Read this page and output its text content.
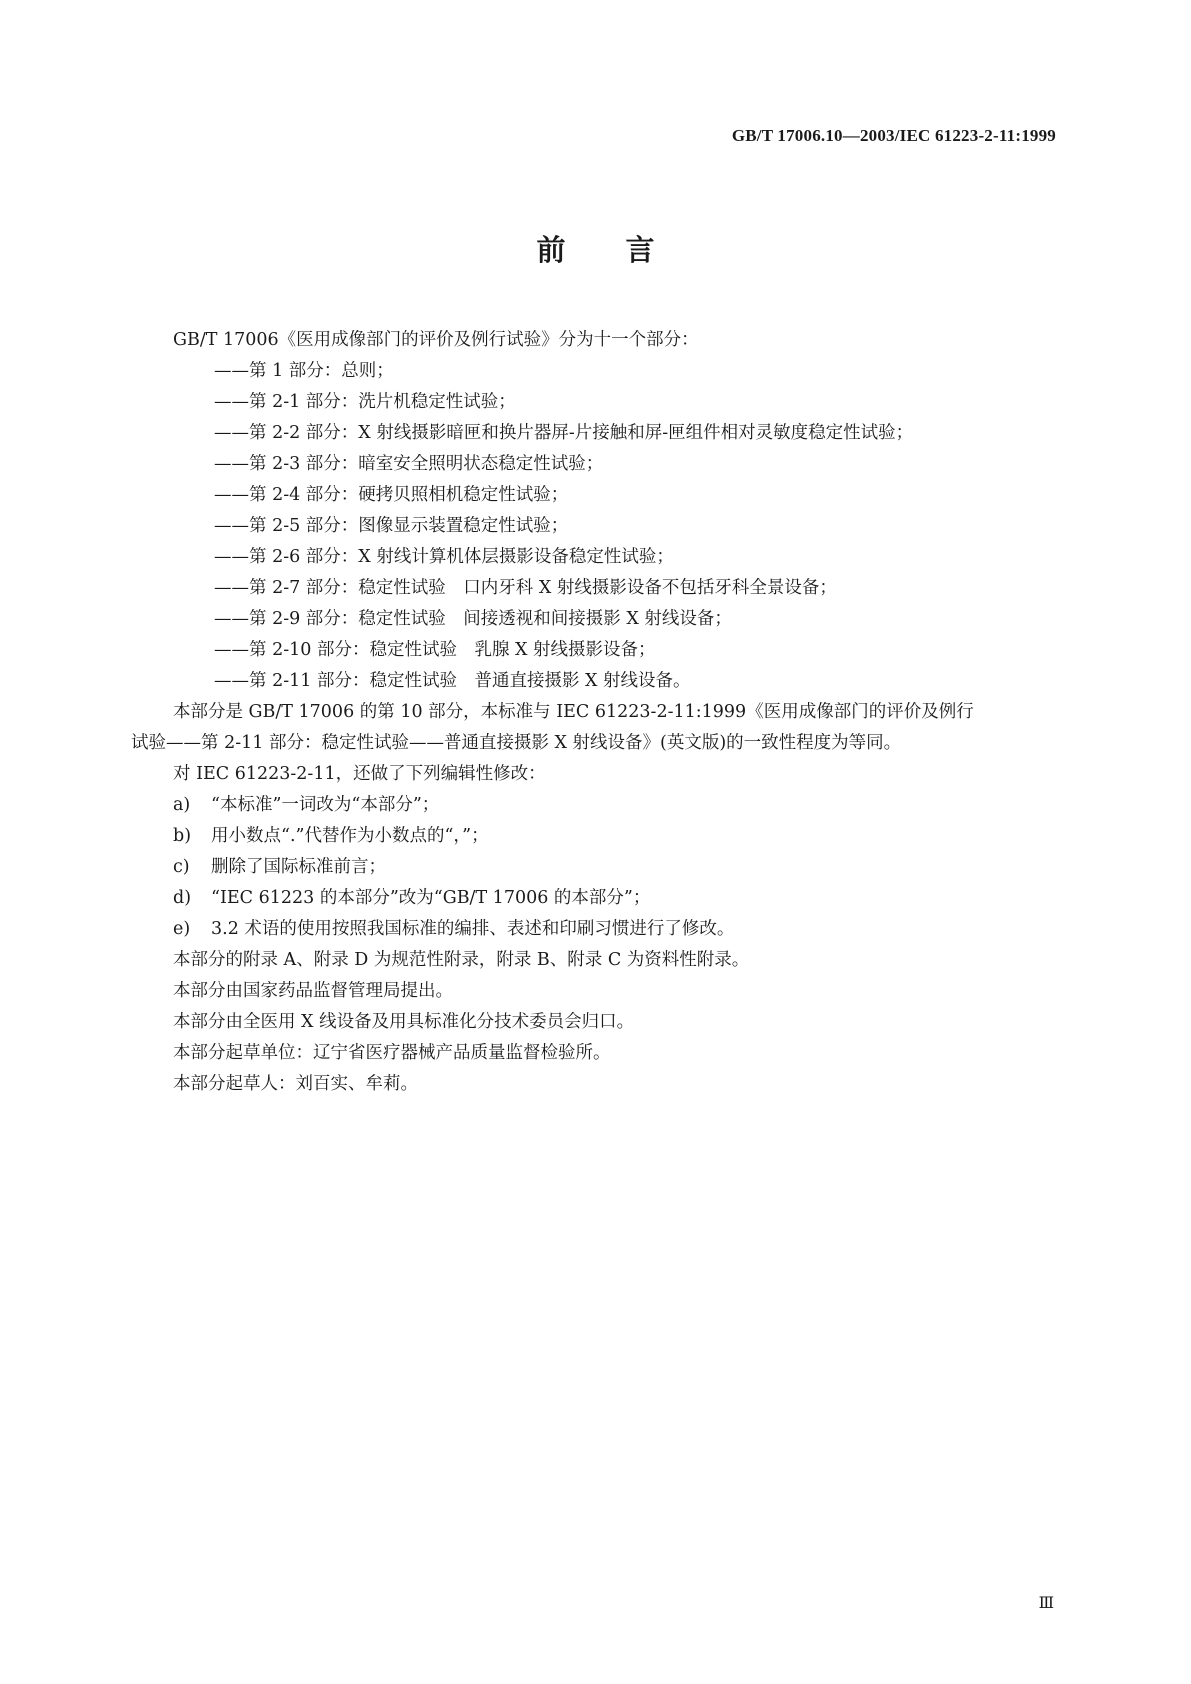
GB/T 17006.10—2003/IEC 61223-2-11:1999
前言
GB/T 17006《医用成像部门的评价及例行试验》分为十一个部分：
——第 1 部分：总则；
——第 2-1 部分：洗片机稳定性试验；
——第 2-2 部分：X 射线摄影暗匣和换片器屏-片接触和屏-匣组件相对灵敏度稳定性试验；
——第 2-3 部分：暗室安全照明状态稳定性试验；
——第 2-4 部分：硬拷贝照相机稳定性试验；
——第 2-5 部分：图像显示装置稳定性试验；
——第 2-6 部分：X 射线计算机体层摄影设备稳定性试验；
——第 2-7 部分：稳定性试验　口内牙科 X 射线摄影设备不包括牙科全景设备；
——第 2-9 部分：稳定性试验　间接透视和间接摄影 X 射线设备；
——第 2-10 部分：稳定性试验　乳腺 X 射线摄影设备；
——第 2-11 部分：稳定性试验　普通直接摄影 X 射线设备。
本部分是 GB/T 17006 的第 10 部分，本标准与 IEC 61223-2-11:1999《医用成像部门的评价及例行
试验——第 2-11 部分：稳定性试验——普通直接摄影 X 射线设备》(英文版)的一致性程度为等同。
对 IEC 61223-2-11，还做了下列编辑性修改：
a) “本标准”一词改为“本部分”；
b) 用小数点“.”代替作为小数点的“，”；
c) 删除了国际标准前言；
d) “IEC 61223 的本部分”改为“GB/T 17006 的本部分”；
e) 3.2 术语的使用按照我国标准的编排、表述和印刷习惯进行了修改。
本部分的附录 A、附录 D 为规范性附录，附录 B、附录 C 为资料性附录。
本部分由国家药品监督管理局提出。
本部分由全医用 X 线设备及用具标准化分技术委员会归口。
本部分起草单位：辽宁省医疗器械产品质量监督检验所。
本部分起草人：刘百实、牟莉。
Ⅲ
